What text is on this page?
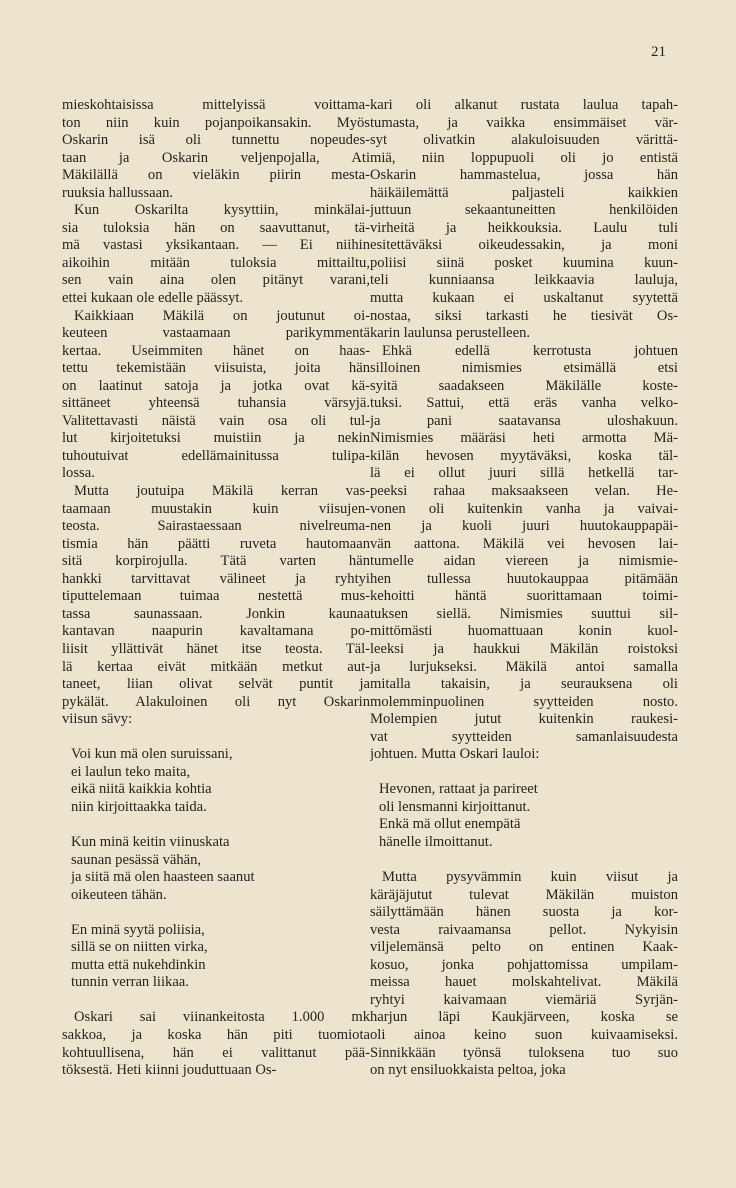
21
mieskohtaisissa mittelyissä voittama-
ton niin kuin pojanpoikansakin. Myös
Oskarin isä oli tunnettu nopeudes-
taan ja Oskarin veljenpojalla, Ati
Mäkilällä on vieläkin piirin mesta-
ruuksia hallussaan.
Kun Oskarilta kysyttiin, minkälai-
sia tuloksia hän on saavuttanut, tä-
mä vastasi yksikantaan. — Ei niihin
aikoihin mitään tuloksia mittailtu,
sen vain aina olen pitänyt varani,
ettei kukaan ole edelle päässyt.
Kaikkiaan Mäkilä on joutunut oi-
keuteen vastaamaan parikymmentä
kertaa. Useimmiten hänet on haas-
tettu tekemistään viisuista, joita hän
on laatinut satoja ja jotka ovat kä-
sittäneet yhteensä tuhansia värsyjä.
Valitettavasti näistä vain osa oli tul-
lut kirjoitetuksi muistiin ja nekin
tuhoutuivat edellämainitussa tulipa-
lossa.
Mutta joutuipa Mäkilä kerran vas-
taamaan muustakin kuin viisujen-
teosta. Sairastaessaan nivelreuma-
tismia hän päätti ruveta hautomaan
sitä korpirojulla. Tätä varten hän
hankki tarvittavat välineet ja ryhtyi
tiputtelemaan tuimaa nestettä mus-
tassa saunassaan. Jonkin kaunaa
kantavan naapurin kavaltamana po-
liisit yllättivät hänet itse teosta. Täl-
lä kertaa eivät mitkään metkut aut-
taneet, liian olivat selvät puntit ja
pykälät. Alakuloinen oli nyt Oskarin
viisun sävy:
Voi kun mä olen suruissani,
ei laulun teko maita,
eikä niitä kaikkia kohtia
niin kirjoittaakka taida.
Kun minä keitin viinuskata
saunan pesässä vähän,
ja siitä mä olen haasteen saanut
oikeuteen tähän.
En minä syytä poliisia,
sillä se on niitten virka,
mutta että nukehdinkin
tunnin verran liikaa.
Oskari sai viinankeitosta 1.000 mk
sakkoa, ja koska hän piti tuomiota
kohtuullisena, hän ei valittanut pää-
töksestä. Heti kiinni jouduttuaan Os-
kari oli alkanut rustata laulua tapah-
tumasta, ja vaikka ensimmäiset vär-
syt olivatkin alakuloisuuden värittä-
miä, niin loppupuoli oli jo entistä
Oskarin hammastelua, jossa hän
häikäilemättä paljasteli kaikkien
juttuun sekaantuneitten henkilöiden
virheitä ja heikkouksia. Laulu tuli
esitettäväksi oikeudessakin, ja moni
poliisi siinä posket kuumina kuun-
teli kunniaansa leikkaavia lauluja,
mutta kukaan ei uskaltanut syytettä
nostaa, siksi tarkasti he tiesivät Os-
karin laulunsa perustelleen.
Ehkä edellä kerrotusta johtuen
silloinen nimismies etsimällä etsi
syitä saadakseen Mäkilälle koste-
tuksi. Sattui, että eräs vanha velko-
ja pani saatavansa uloshakuun.
Nimismies määräsi heti armotta Mä-
kilän hevosen myytäväksi, koska täl-
lä ei ollut juuri sillä hetkellä tar-
peeksi rahaa maksaakseen velan. He-
vonen oli kuitenkin vanha ja vaivai-
nen ja kuoli juuri huutokauppapäi-
vän aattona. Mäkilä vei hevosen lai-
tumelle aidan viereen ja nimismie-
hen tullessa huutokauppaa pitämään
kehoitti häntä suorittamaan toimi-
tuksen siellä. Nimismies suuttui sil-
mittömästi huomattuaan konin kuol-
leeksi ja haukkui Mäkilän roistoksi
ja lurjukseksi. Mäkilä antoi samalla
mitalla takaisin, ja seurauksena oli
molemminpuolinen syytteiden nosto.
Molempien jutut kuitenkin raukesi-
vat syytteiden samanlaisuudesta
johtuen. Mutta Oskari lauloi:
Hevonen, rattaat ja parireet
oli lensmanni kirjoittanut.
Enkä mä ollut enempätä
hänelle ilmoittanut.
Mutta pysyvämmin kuin viisut ja
käräjäjutut tulevat Mäkilän muiston
säilyttämään hänen suosta ja kor-
vesta raivaamansa pellot. Nykyisin
viljelemänsä pelto on entinen Kaak-
kosuo, jonka pohjattomissa umpilam-
meissa hauet molskahtelivat. Mäkilä
ryhtyi kaivamaan viemäriä Syrjän-
harjun läpi Kaukjärveen, koska se
oli ainoa keino suon kuivaamiseksi.
Sinnikkään työnsä tuloksena tuo suo
on nyt ensiluokkaista peltoa, joka
